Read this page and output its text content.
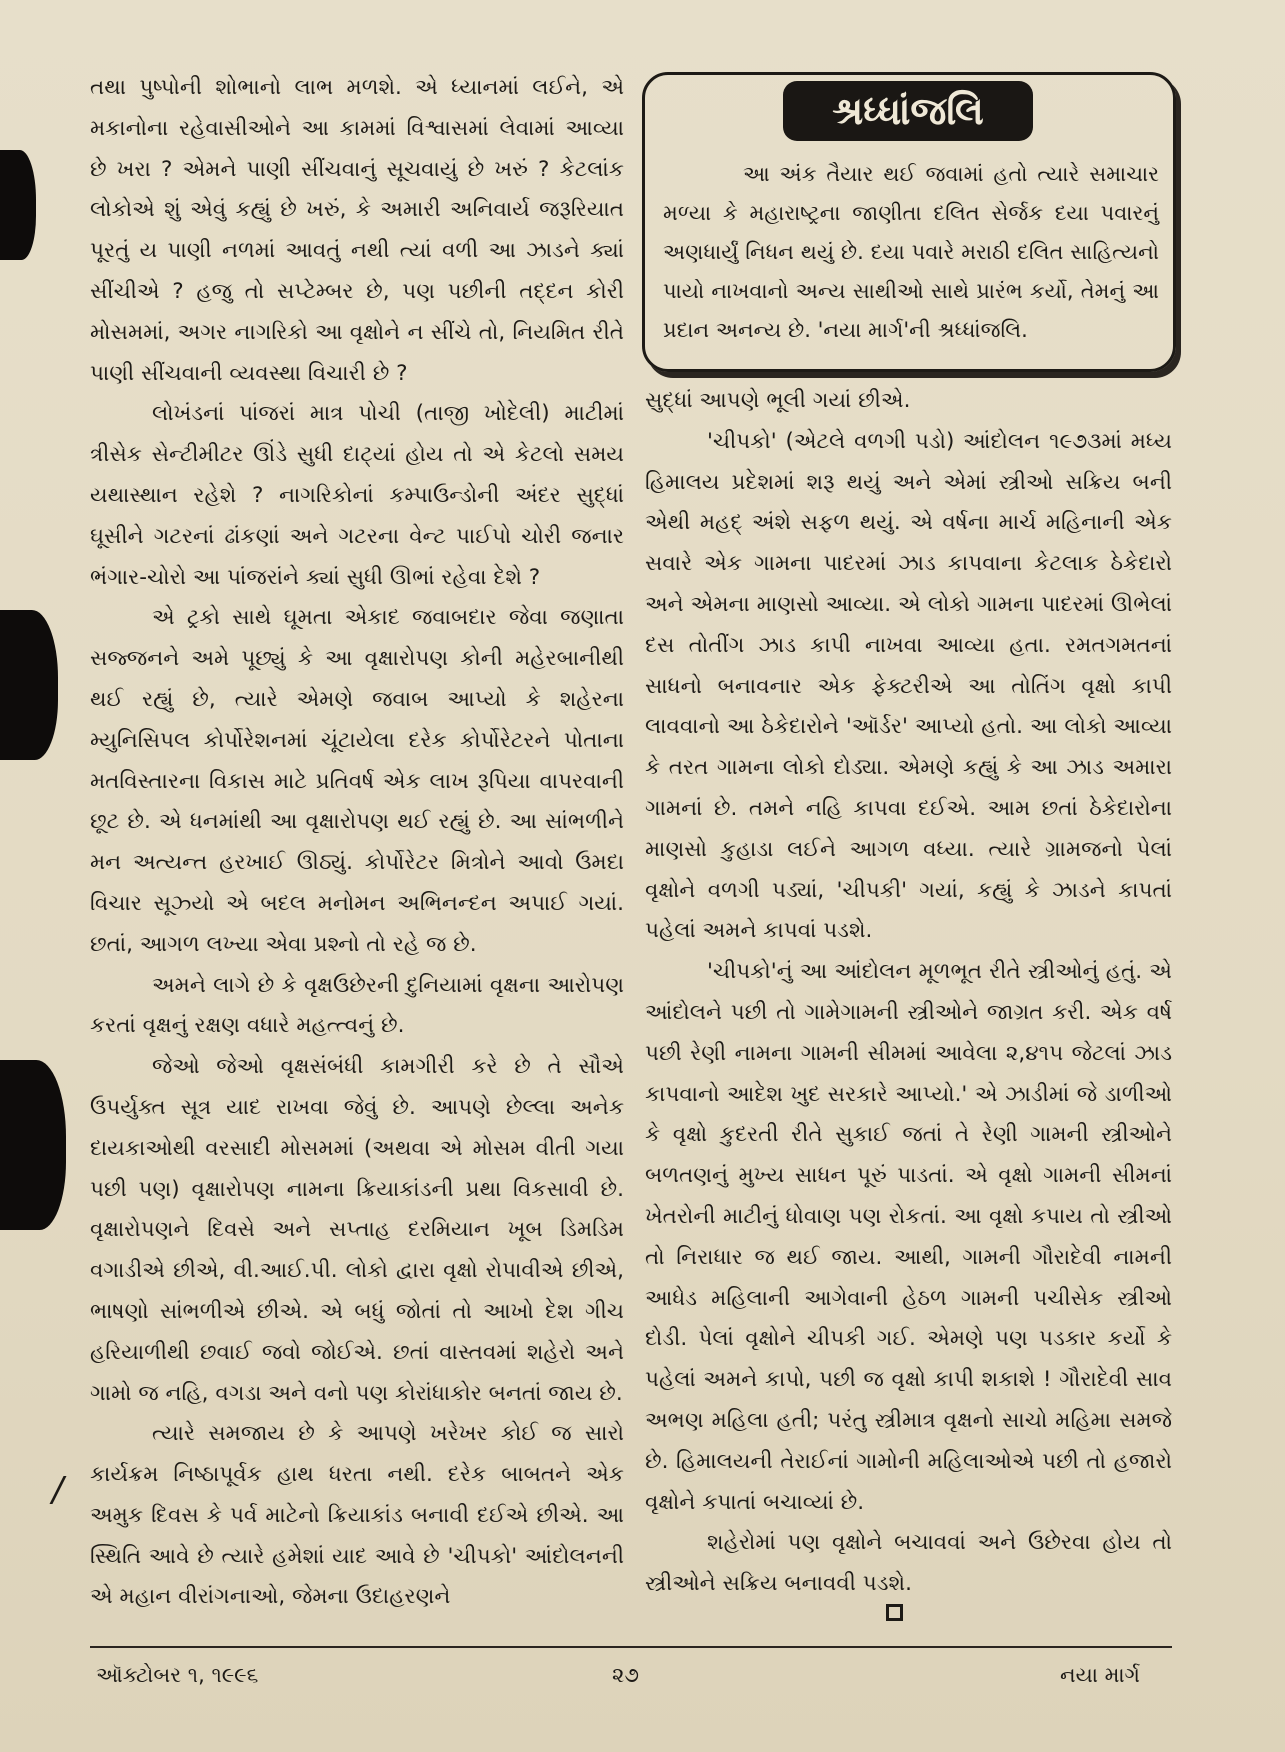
/

તથા પુષ્પોની શોભાનો લાભ મળશે. એ ધ્યાનમાં લઈને, એ મકાનોના રહેવાસીઓને આ કામમાં વિશ્વાસમાં લેવામાં આવ્યા છે ખરા ? એમને પાણી સીંચવાનું સૂચવાયું છે ખરું ? કેટલાંક લોકોએ શું એવું કહ્યું છે ખરું, કે અમારી અનિવાર્ય જરૂરિયાત પૂરતું ય પાણી નળમાં આવતું નથી ત્યાં વળી આ ઝાડને ક્યાં સીંચીએ ? હજુ તો સપ્ટેમ્બર છે, પણ પછીની તદ્દન કોરી મોસમમાં, અગર નાગરિકો આ વૃક્ષોને ન સીંચે તો, નિયમિત રીતે પાણી સીંચવાની વ્યવસ્થા વિચારી છે ?

લોખંડનાં પાંજરાં માત્ર પોચી (તાજી ખોદેલી) માટીમાં ત્રીસેક સેન્ટીમીટર ઊંડે સુધી દાટ્યાં હોય તો એ કેટલો સમય યથાસ્થાન રહેશે ? નાગરિકોનાં કમ્પાઉન્ડોની અંદર સુદ્ધાં ઘૂસીને ગટરનાં ઢાંકણાં અને ગટરના વેન્ટ પાઈપો ચોરી જનાર ભંગાર-ચોરો આ પાંજરાંને ક્યાં સુધી ઊભાં રહેવા દેશે ?

એ ટ્રકો સાથે ઘૂમતા એકાદ જવાબદાર જેવા જણાતા સજ્જનને અમે પૂછ્યું કે આ વૃક્ષારોપણ કોની મહેરબાનીથી થઈ રહ્યું છે, ત્યારે એમણે જવાબ આપ્યો કે શહેરના મ્યુનિસિપલ કોર્પોરેશનમાં ચૂંટાયેલા દરેક કોર્પોરેટરને પોતાના મતવિસ્તારના વિકાસ માટે પ્રતિવર્ષ એક લાખ રૂપિયા વાપરવાની છૂટ છે. એ ધનમાંથી આ વૃક્ષારોપણ થઈ રહ્યું છે. આ સાંભળીને મન અત્યન્ત હરખાઈ ઊઠ્યું. કોર્પોરેટર મિત્રોને આવો ઉમદા વિચાર સૂઝ્યો એ બદલ મનોમન અભિનન્દન અપાઈ ગયાં. છતાં, આગળ લખ્યા એવા પ્રશ્નો તો રહે જ છે.

અમને લાગે છે કે વૃક્ષઉછેરની દુનિયામાં વૃક્ષના આરોપણ કરતાં વૃક્ષનું રક્ષણ વધારે મહત્ત્વનું છે.

જેઓ જેઓ વૃક્ષસંબંધી કામગીરી કરે છે તે સૌએ ઉપર્યુક્ત સૂત્ર યાદ રાખવા જેવું છે. આપણે છેલ્લા અનેક દાયકાઓથી વરસાદી મોસમમાં (અથવા એ મોસમ વીતી ગયા પછી પણ) વૃક્ષારોપણ નામના ક્રિયાકાંડની પ્રથા વિકસાવી છે. વૃક્ષારોપણને દિવસે અને સપ્તાહ દરમિયાન ખૂબ ડિમડિમ વગાડીએ છીએ, વી.આઈ.પી. લોકો દ્વારા વૃક્ષો રોપાવીએ છીએ, ભાષણો સાંભળીએ છીએ. એ બધું જોતાં તો આખો દેશ ગીચ હરિયાળીથી છવાઈ જવો જોઈએ. છતાં વાસ્તવમાં શહેરો અને ગામો જ નહિ, વગડા અને વનો પણ કોરાંધાકોર બનતાં જાય છે.

ત્યારે સમજાય છે કે આપણે ખરેખર કોઈ જ સારો કાર્યક્રમ નિષ્ઠાપૂર્વક હાથ ધરતા નથી. દરેક બાબતને એક અમુક દિવસ કે પર્વ માટેનો ક્રિયાકાંડ બનાવી દઈએ છીએ. આ સ્થિતિ આવે છે ત્યારે હમેશાં યાદ આવે છે 'ચીપકો' આંદોલનની એ મહાન વીરાંગનાઓ, જેમના ઉદાહરણને

શ્રધ્ધાંજલિ

આ અંક તૈયાર થઈ જવામાં હતો ત્યારે સમાચાર મળ્યા કે મહારાષ્ટ્રના જાણીતા દલિત સેર્જક દયા પવારનું અણધાર્યું નિધન થયું છે. દયા પવારે મરાઠી દલિત સાહિત્યનો પાયો નાખવાનો અન્ય સાથીઓ સાથે પ્રારંભ કર્યો, તેમનું આ પ્રદાન અનન્ય છે. 'નયા માર્ગ'ની શ્રધ્ધાંજલિ.

સુદ્ધાં આપણે ભૂલી ગયાં છીએ.

'ચીપકો' (એટલે વળગી પડો) આંદોલન ૧૯૭૩માં મધ્ય હિમાલય પ્રદેશમાં શરૂ થયું અને એમાં સ્ત્રીઓ સક્રિય બની એથી મહદ્ અંશે સફળ થયું. એ વર્ષના માર્ચ મહિનાની એક સવારે એક ગામના પાદરમાં ઝાડ કાપવાના કેટલાક ઠેકેદારો અને એમના માણસો આવ્યા. એ લોકો ગામના પાદરમાં ઊભેલાં દસ તોતીંગ ઝાડ કાપી નાખવા આવ્યા હતા. રમતગમતનાં સાધનો બનાવનાર એક ફેક્ટરીએ આ તોતિંગ વૃક્ષો કાપી લાવવાનો આ ઠેકેદારોને 'ઑર્ડર' આપ્યો હતો. આ લોકો આવ્યા કે તરત ગામના લોકો દોડ્યા. એમણે કહ્યું કે આ ઝાડ અમારા ગામનાં છે. તમને નહિ કાપવા દઈએ. આમ છતાં ઠેકેદારોના માણસો કુહાડા લઈને આગળ વધ્યા. ત્યારે ગ્રામજનો પેલાં વૃક્ષોને વળગી પડ્યાં, 'ચીપકી' ગયાં, કહ્યું કે ઝાડને કાપતાં પહેલાં અમને કાપવાં પડશે.

'ચીપકો'નું આ આંદોલન મૂળભૂત રીતે સ્ત્રીઓનું હતું. એ આંદોલને પછી તો ગામેગામની સ્ત્રીઓને જાગ્રત કરી. એક વર્ષ પછી રેણી નામના ગામની સીમમાં આવેલા ૨,૪૧૫ જેટલાં ઝાડ કાપવાનો આદેશ ખુદ સરકારે આપ્યો.' એ ઝાડીમાં જે ડાળીઓ કે વૃક્ષો કુદરતી રીતે સુકાઈ જતાં તે રેણી ગામની સ્ત્રીઓને બળતણનું મુખ્ય સાધન પૂરું પાડતાં. એ વૃક્ષો ગામની સીમનાં ખેતરોની માટીનું ધોવાણ પણ રોકતાં. આ વૃક્ષો કપાય તો સ્ત્રીઓ તો નિરાધાર જ થઈ જાય. આથી, ગામની ગૌરાદેવી નામની આધેડ મહિલાની આગેવાની હેઠળ ગામની પચીસેક સ્ત્રીઓ દોડી. પેલાં વૃક્ષોને ચીપકી ગઈ. એમણે પણ પડકાર કર્યો કે પહેલાં અમને કાપો, પછી જ વૃક્ષો કાપી શકાશે ! ગૌરાદેવી સાવ અભણ મહિલા હતી; પરંતુ સ્ત્રીમાત્ર વૃક્ષનો સાચો મહિમા સમજે છે. હિમાલયની તેરાઈનાં ગામોની મહિલાઓએ પછી તો હજારો વૃક્ષોને કપાતાં બચાવ્યાં છે.

શહેરોમાં પણ વૃક્ષોને બચાવવાં અને ઉછેરવા હોય તો સ્ત્રીઓને સક્રિય બનાવવી પડશે.

ઑક્ટોબર ૧, ૧૯૯૬	૨૭	નયા માર્ગ
